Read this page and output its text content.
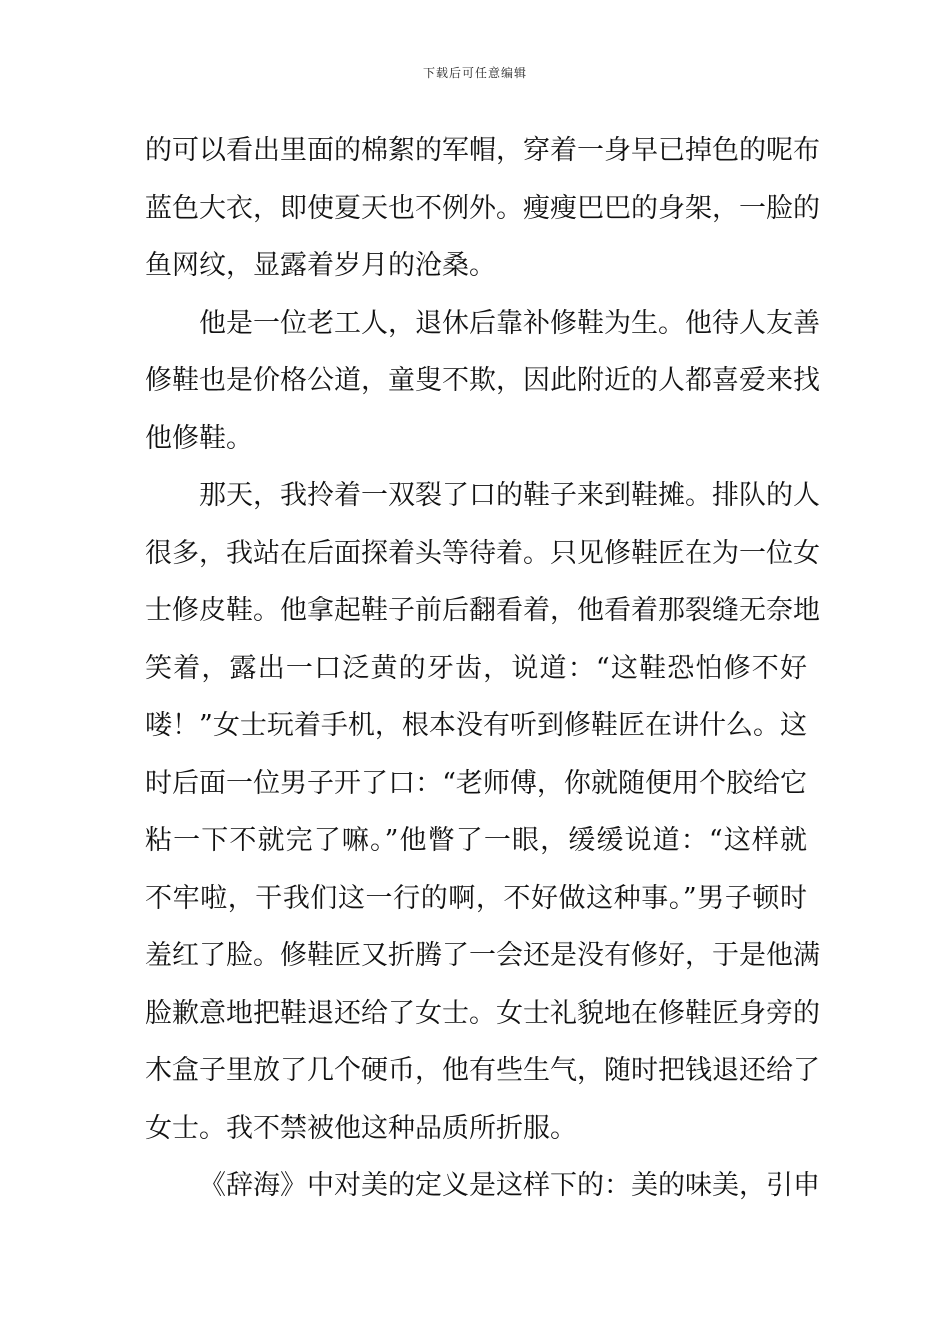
下载后可任意编辑

的可以看出里面的棉絮的军帽，穿着一身早已掉色的呢布
蓝色大衣，即使夏天也不例外。瘦瘦巴巴的身架，一脸的
鱼网纹，显露着岁月的沧桑。

他是一位老工人，退休后靠补修鞋为生。他待人友善
修鞋也是价格公道，童叟不欺，因此附近的人都喜爱来找
他修鞋。

那天，我拎着一双裂了口的鞋子来到鞋摊。排队的人
很多，我站在后面探着头等待着。只见修鞋匠在为一位女
士修皮鞋。他拿起鞋子前后翻看着，他看着那裂缝无奈地
笑着，露出一口泛黄的牙齿，说道：“这鞋恐怕修不好
喽！”女士玩着手机，根本没有听到修鞋匠在讲什么。这
时后面一位男子开了口：“老师傅，你就随便用个胶给它
粘一下不就完了嘛。”他瞥了一眼，缓缓说道：“这样就
不牢啦，干我们这一行的啊，不好做这种事。”男子顿时
羞红了脸。修鞋匠又折腾了一会还是没有修好，于是他满
脸歉意地把鞋退还给了女士。女士礼貌地在修鞋匠身旁的
木盒子里放了几个硬币，他有些生气，随时把钱退还给了
女士。我不禁被他这种品质所折服。

《辞海》中对美的定义是这样下的：美的味美，引申
